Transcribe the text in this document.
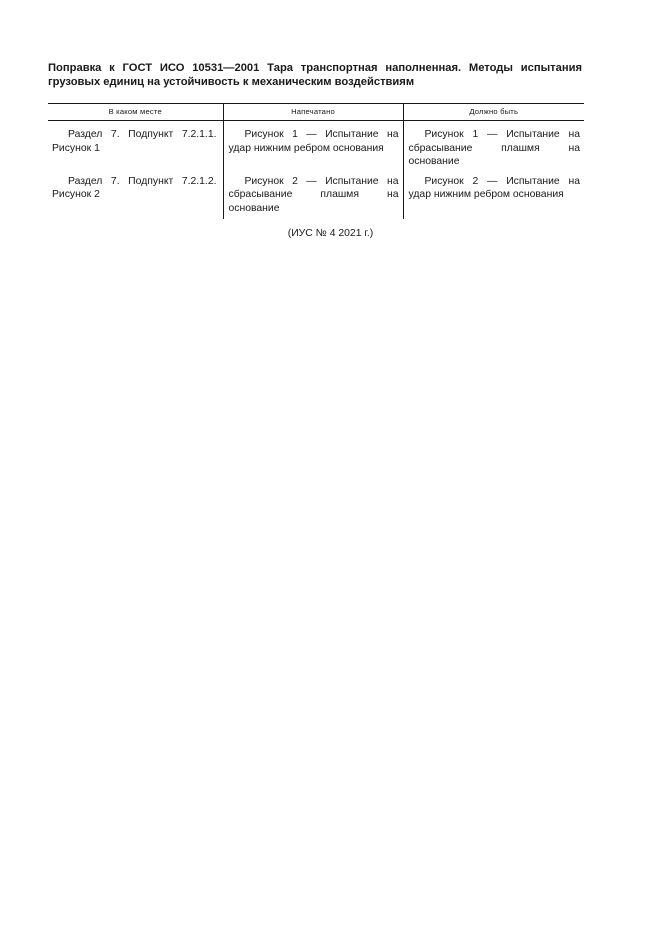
Поправка к ГОСТ ИСО 10531—2001 Тара транспортная наполненная. Методы испытания грузовых единиц на устойчивость к механическим воздействиям

В каком месте	Напечатано	Должно быть
Раздел 7. Подпункт 7.2.1.1. Рисунок 1	Рисунок 1 — Испытание на удар нижним ребром основания	Рисунок 1 — Испытание на сбрасывание плашмя на основание
Раздел 7. Подпункт 7.2.1.2. Рисунок 2	Рисунок 2 — Испытание на сбрасывание плашмя на основание	Рисунок 2 — Испытание на удар нижним ребром основания

(ИУС № 4 2021 г.)
